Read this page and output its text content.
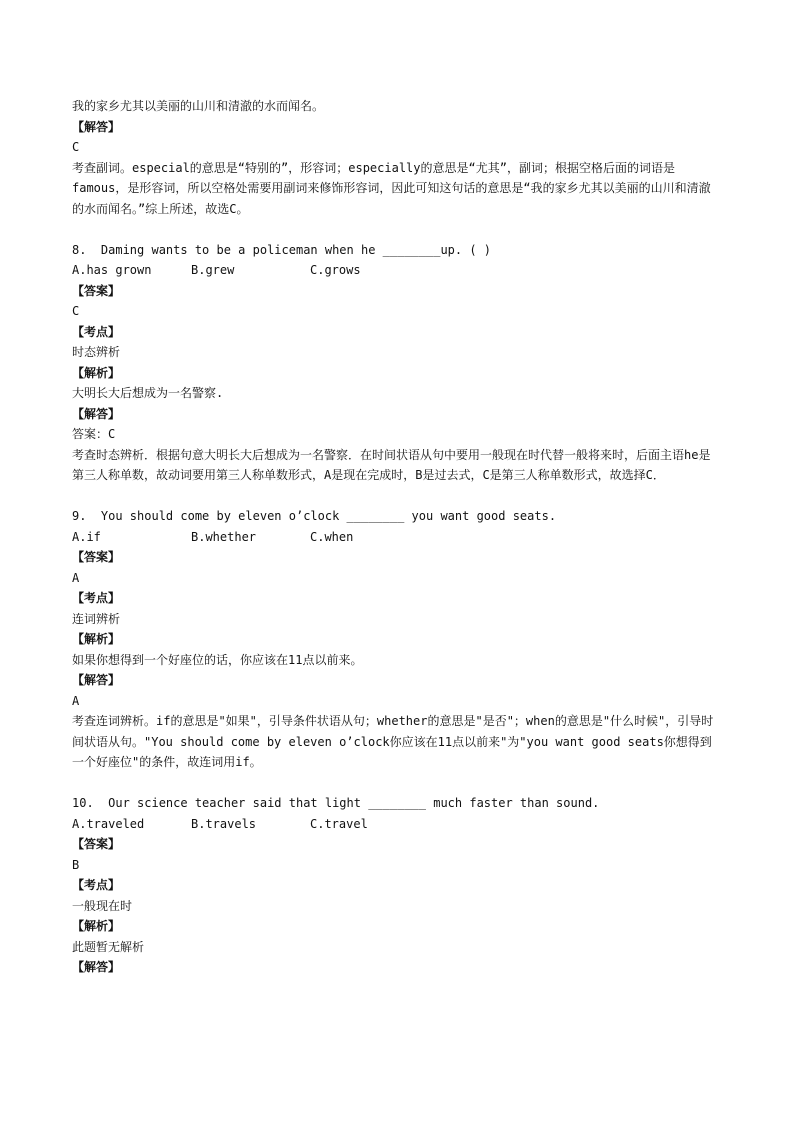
我的家乡尤其以美丽的山川和清澈的水而闻名。

【解答】

C

考查副词。especial的意思是“特别的”，形容词；especially的意思是“尤其”，副词；根据空格后面的词语是famous，是形容词，所以空格处需要用副词来修饰形容词，因此可知这句话的意思是“我的家乡尤其以美丽的山川和清澈的水而闻名。”综上所述，故选C。

8.  Daming wants to be a policeman when he ________up. ( )

A.has grown	B.grew	C.grows

【答案】

C

【考点】

时态辨析

【解析】

大明长大后想成为一名警察.

【解答】

答案：C

考查时态辨析．根据句意大明长大后想成为一名警察．在时间状语从句中要用一般现在时代替一般将来时，后面主语he是第三人称单数，故动词要用第三人称单数形式，A是现在完成时，B是过去式，C是第三人称单数形式，故选择C．

9.  You should come by eleven o’clock ________ you want good seats.

A.if	B.whether	C.when

【答案】

A

【考点】

连词辨析

【解析】

如果你想得到一个好座位的话，你应该在11点以前来。

【解答】

A

考查连词辨析。if的意思是"如果"，引导条件状语从句；whether的意思是"是否"；when的意思是"什么时候"，引导时间状语从句。"You should come by eleven o’clock你应该在11点以前来"为"you want good seats你想得到一个好座位"的条件，故连词用if。

10.  Our science teacher said that light ________ much faster than sound.

A.traveled	B.travels	C.travel

【答案】

B

【考点】

一般现在时

【解析】

此题暂无解析

【解答】
